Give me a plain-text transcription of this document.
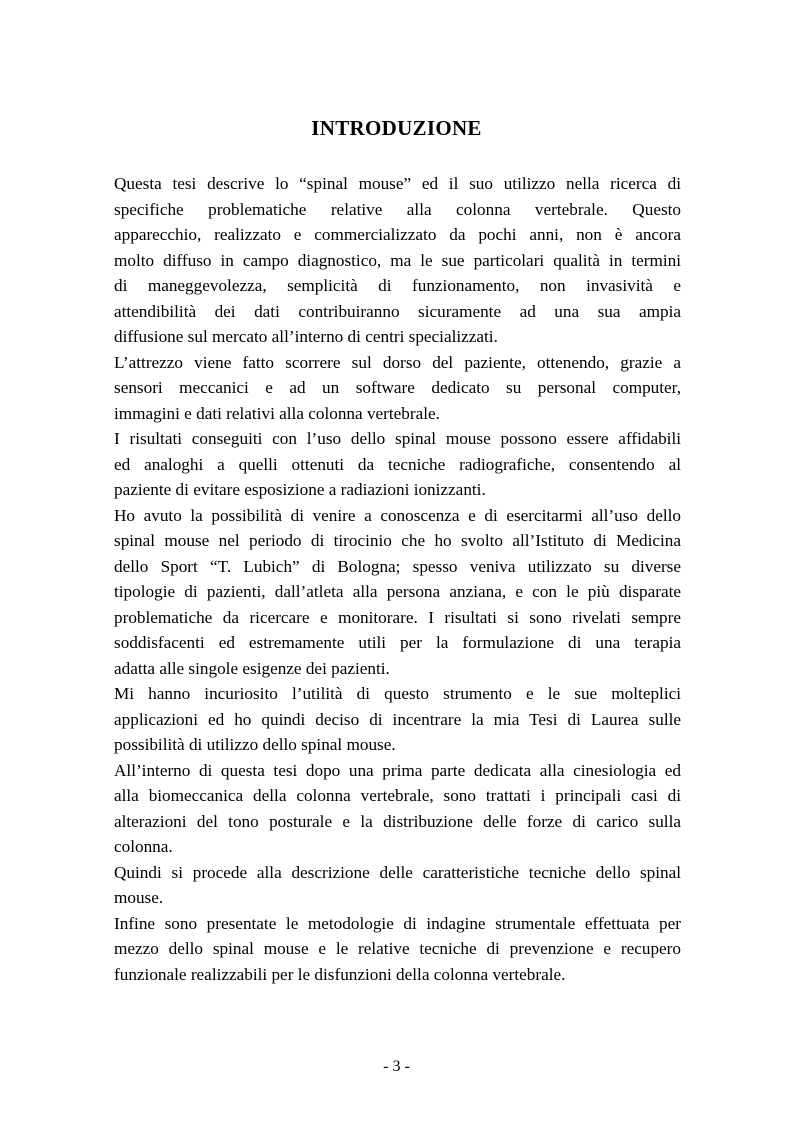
INTRODUZIONE
Questa tesi descrive lo “spinal mouse” ed il suo utilizzo nella ricerca di
specifiche problematiche relative alla colonna vertebrale. Questo
apparecchio, realizzato e commercializzato da pochi anni, non è ancora
molto diffuso in campo diagnostico, ma le sue particolari qualità in termini
di maneggevolezza, semplicità di funzionamento, non invasività e
attendibilità dei dati contribuiranno sicuramente ad una sua ampia
diffusione sul mercato all’interno di centri specializzati.
L’attrezzo viene fatto scorrere sul dorso del paziente, ottenendo, grazie a
sensori meccanici e ad un software dedicato su personal computer,
immagini e dati relativi alla colonna vertebrale.
I risultati conseguiti con l’uso dello spinal mouse possono essere affidabili
ed analoghi a quelli ottenuti da tecniche radiografiche, consentendo al
paziente di evitare esposizione a radiazioni ionizzanti.
Ho avuto la possibilità di venire a conoscenza e di esercitarmi all’uso dello
spinal mouse nel periodo di tirocinio che ho svolto all’Istituto di Medicina
dello Sport “T. Lubich” di Bologna; spesso veniva utilizzato su diverse
tipologie di pazienti, dall’atleta alla persona anziana, e con le più disparate
problematiche da ricercare e monitorare. I risultati si sono rivelati sempre
soddisfacenti ed estremamente utili per la formulazione di una terapia
adatta alle singole esigenze dei pazienti.
Mi hanno incuriosito l’utilità di questo strumento e le sue molteplici
applicazioni ed ho quindi deciso di incentrare la mia Tesi di Laurea sulle
possibilità di utilizzo dello spinal mouse.
All’interno di questa tesi dopo una prima parte dedicata alla cinesiologia ed
alla biomeccanica della colonna vertebrale, sono trattati i principali casi di
alterazioni del tono posturale e la distribuzione delle forze di carico sulla
colonna.
Quindi si procede alla descrizione delle caratteristiche tecniche dello spinal
mouse.
Infine sono presentate le metodologie di indagine strumentale effettuata per
mezzo dello spinal mouse e le relative tecniche di prevenzione e recupero
funzionale realizzabili per le disfunzioni della colonna vertebrale.
- 3 -
